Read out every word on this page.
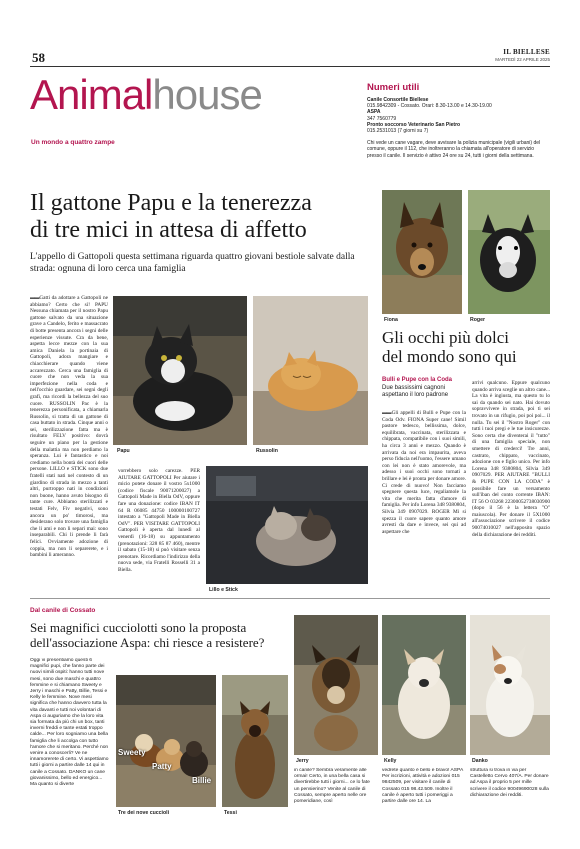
58	IL BIELLESE
MARTEDÌ 22 APRILE 2025
Animalhouse
Un mondo a quattro zampe
Numeri utili
Canile Consortile Biellese
015.9842309 - Cossato. Orari: 8.30-13.00 e 14.30-19.00
ASPA
347 7560779
Pronto soccorso Veterinario San Pietro
015.2531013 (7 giorni su 7)
Chi vede un cane vagare, deve avvisare la polizia municipale (vigili urbani) del comune, oppure il 112, che inoltreranno la chiamata all'operatore di servizio presso il canile. Il servizio è attivo 24 ore su 24, tutti i giorni della settimana.
Il gattone Papu e la tenerezza
di tre mici in attesa di affetto
L'appello di Gattopoli questa settimana riguarda quattro giovani bestiole salvate dalla strada: ognuna di loro cerca una famiglia
▬▬ Gatti da adottare a Gattopoli ne abbiamo? Certo che sì! PAPU Nessuna chiamata per il nostro Papu gattone salvato da una situazione grave a Candelo, ferito e massacrato di botte presenta ancora i segni delle esperienze vissute. Cra da bene, aspetta lecce mezze con la sua amica Daniela la portinaia di Gattopoli, adora mangiare e chiacchierare quando viene accarezzato. Cerca una famiglia di cuore che non veda la sua imperfezione nella coda e nell'occhio guardare, sei segni degli grafi, ma ricordi la bellezza del suo cuore. RUSSOLIN Pac è la tenerezza personificata, a chiamarla Russolin, si tratta di un gattone di casa buttato in strada. Cinque anni o sei, sterilizzazione fatta ma è risultato FELV positivo: dovrà seguire un piano per la gestione della malattia ma non perdiamo la speranza. Lui è fantastico e noi crediamo nella bontà dei cuori delle persone. LILLO e STICK sono due fratelli stati nati nel contesto di un giardino di strada in mezzo a tanti altri, purtroppo nati in condizioni non buone, hanno avuto bisogno di tante cure. Abbiamo sterilizzati e testati Felv, Fiv negativi, sono ancora un po' timorosi, ma desiderano solo trovare una famiglia che li ami e non li separi mai: sono inseparabili. Chi li prende li farà felici. Ovviamente adozione di coppia, ma non li separerete, e i bambini li ameranno.
vorrebbero solo carezze. PER AIUTARE GATTOPOLI Per aiutare i micio potete donare il vostro 5x1000 (codice fiscale 90071200027) a Gattopoli Made in Biella OdV, oppure fare una donazione: codice IBAN IT 64 R 06085 44750 100000100727 intestato a "Gattopoli Made in Biella OdV". PER VISITARE GATTOPOLI Gattopoli è aperta dal lunedì al venerdì (16-18) su appuntamento (prenotazioni: 328 85 87 460), mentre il sabato (15-18) si può visitare senza prenotare. Ricordiamo l'indirizzo della nuova sede, via Fratelli Rosselli 31 a Biella.
Papu	Russolin
Lillo e Stick
Fiona	Roger
Gli occhi più dolci
del mondo sono qui
Bulli e Pupe con la Coda
Due bassissimi cagnoni aspettano il loro padrone
▬▬ Gli appelli di Bulli e Pupe con la Coda Odv. FIONA Super cane! Simil pastore tedesco, bellissima, dolce, equilibrata, vaccinata, sterilizzata e chippata, compatibile con i suoi simili, ha circa 3 anni e mezzo. Quando è arrivata da noi era impaurita, aveva perso fiducia nell'uomo, l'essere umano con lei non è stato amorevole, ma adesso i suoi occhi sono tornati a brillare e lei è pronta per donare amore. Ci crede di nuovo! Non facciamo spegnere questa luce, regaliamole la vita che merita fatta d'amore di famiglia. Per info Lorena 348 9380804, Silvia 349 0907029. ROGER Mi si spezza il cuore sapere quanto amore avresti da dare e invece, sei qui ad aspettare che
arrivi qualcuno. Eppure qualcuno quando arriva sceglie un altro cane... La vita è ingiusta, ma questo tu lo sai da quando sei nato. Hai dovuto sopravvivere in strada, poi ti sei trovato in un rifugio, poi poi poi... il nulla. Tu sei il "Nostro Roger" con tutti i tuoi pregi e le tue insicurezze. Sono certa che diventerai il "tutto" di una famiglia speciale, non smettere di crederci! Tre anni, castrato, chippato, vaccinato, adozione con e figlio unico. Per info Lorena 348 9380804, Silvia 349 0907029. PER AIUTARE "BULLI & PUPE CON LA CODA" è possibile fare un versamento sull'iban del conto corrente IBAN: IT 56 O 03268 22300052738030900 (dopo il 56 è la lettera "O" maiuscola). Per donare il 5X1000 all'associazione scrivere il codice 90074010027 nell'apposito spazio della dichiarazione dei redditi.
Dal canile di Cossato
Sei magnifici cucciolotti sono la proposta
dell'associazione Aspa: chi riesce a resistere?
Oggi vi presentiamo questi 6 magnifici pupi, che fanno parte dei nuovi simili ospiti: hanno tutti nove mesi, sono due maschi e quattro femmine e si chiamano Sweety e Jerry i maschi e Patty, Billie, Tessi e Kelly le femmine. Nove mesi significa che hanno davvero tutta la vita davanti e tutti noi volontari di Aspa ci auguriamo che la loro vita sia formata da più chi un box, tanti inverni freddi e tante estati troppo calde... Per loro sogniamo una bella famiglia che li accolga con tutto l'amore che si meritano. Perché non venire a conoscerli? Ve ne innamorerete di certo. Vi aspettiamo tutti i giorni a partire dalle 14 qui in canile a Cossato. DANKO un cane giovanissimo, bello ed energico... Ma quanto si diverte
Sweety
Patty
Billie
Tre dei nove cuccioli	Tessi
Jerry	Kelly	Danko
in canile? Sembra veramente alle ormai! Certo, in una bella casa si divertirebbe tutti i giorni... ce lo fate un pensierino? Venite al canile di Cossato, sempre aperto nelle ore pomeridiane, così
vedrete quanto è bello e bravo! ASPA Per iscrizioni, attività e adozioni 015 9842509, per visitare il canile di Cossato 015 98.42.509. Inoltre il canile è aperto tutti i pomeriggi a partire dalle ore 14. La
struttura si trova in via per Castelletto Cervo 407/A. Per donare ad Aspa il proprio 5 per mille scrivere il codice 90049690028 sulla dichiarazione dei redditi.
